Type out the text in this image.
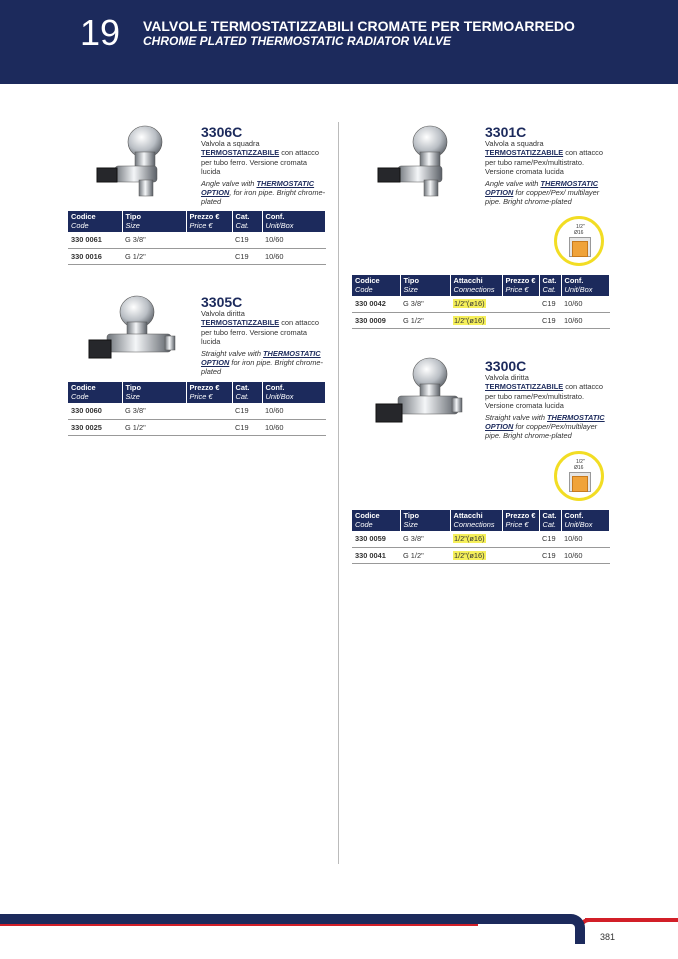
19 VALVOLE TERMOSTATIZZABILI CROMATE PER TERMOARREDO
CHROME PLATED THERMOSTATIC RADIATOR VALVE
3306C
Valvola a squadra
TERMOSTATIZZABILE con attacco per tubo ferro. Versione cromata lucida
Angle valve with THERMOSTATIC OPTION, for iron pipe. Bright chrome-plated
Codice
Code	Tipo
Size	Prezzo €
Price €	Cat.
Cat.	Conf.
Unit/Box

330 0061	G 3/8"		C19	10/60
330 0016	G 1/2"		C19	10/60
3305C
Valvola diritta
TERMOSTATIZZABILE con attacco per tubo ferro. Versione cromata lucida
Straight valve with THERMOSTATIC OPTION for iron pipe. Bright chrome-plated
Codice
Code	Tipo
Size	Prezzo €
Price €	Cat.
Cat.	Conf.
Unit/Box

330 0060	G 3/8"		C19	10/60
330 0025	G 1/2"		C19	10/60
3301C
Valvola a squadra
TERMOSTATIZZABILE con attacco per tubo rame/Pex/multistrato. Versione cromata lucida
Angle valve with THERMOSTATIC OPTION for copper/Pex/ multilayer pipe. Bright chrome-plated
1/2"
Ø16
Codice
Code	Tipo
Size	Attacchi
Connections	Prezzo €
Price €	Cat.
Cat.	Conf.
Unit/Box

330 0042	G 3/8"	1/2"(ø16)		C19	10/60
330 0009	G 1/2"	1/2"(ø16)		C19	10/60
3300C
Valvola diritta
TERMOSTATIZZABILE con attacco per tubo rame/Pex/multistrato. Versione cromata lucida
Straight valve with THERMOSTATIC OPTION for copper/Pex/multilayer pipe. Bright chrome-plated
1/2"
Ø16
Codice
Code	Tipo
Size	Attacchi
Connections	Prezzo €
Price €	Cat.
Cat.	Conf.
Unit/Box

330 0059	G 3/8"	1/2"(ø16)		C19	10/60
330 0041	G 1/2"	1/2"(ø16)		C19	10/60
TIEMME
381
